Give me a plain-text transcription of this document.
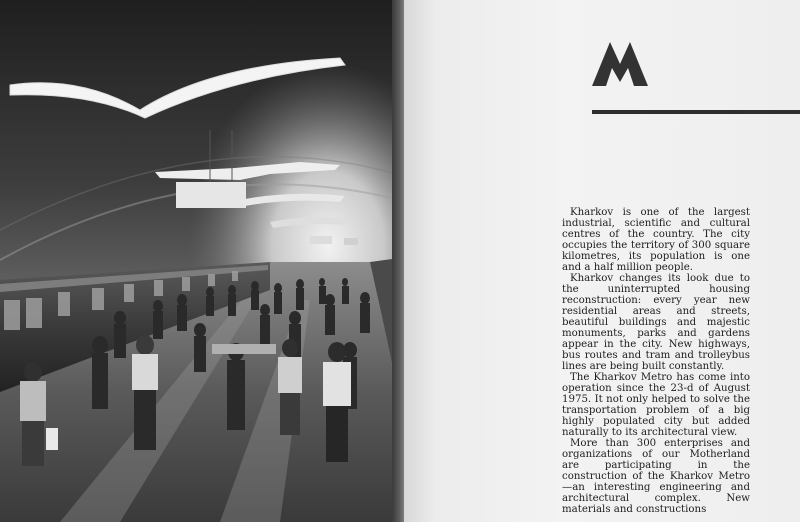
Kharkov is one of the largest industrial, scientific and cultural centres of the country. The city occupies the territory of 300 square kilometres, its population is one and a half million people.

Kharkov changes its look due to the uninterrupted housing reconstruction: every year new residential areas and streets, beautiful buildings and majestic monuments, parks and gardens appear in the city. New highways, bus routes and tram and trolleybus lines are being built constantly.

The Kharkov Metro has come into operation since the 23-d of August 1975. It not only helped to solve the transportation problem of a big highly populated city but added naturally to its architectural view.

More than 300 enterprises and organizations of our Motherland are participating in the construction of the Kharkov Metro—an interesting engineering and architectural complex. New materials and constructions
